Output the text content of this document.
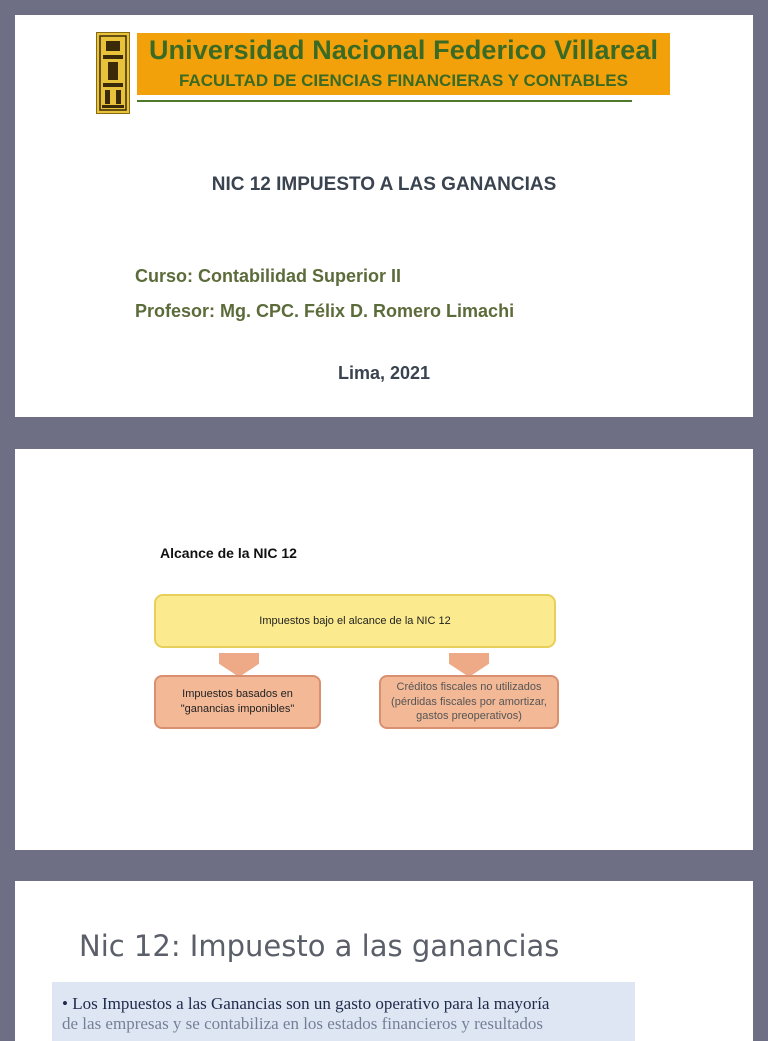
Universidad Nacional Federico Villareal
FACULTAD DE CIENCIAS FINANCIERAS Y CONTABLES
NIC 12 IMPUESTO A LAS GANANCIAS
Curso: Contabilidad Superior II
Profesor: Mg. CPC. Félix D. Romero Limachi
Lima, 2021
Alcance de la NIC 12
Impuestos bajo el alcance de la NIC 12
Impuestos basados en
"ganancias imponibles"
Créditos fiscales no utilizados
(pérdidas fiscales por amortizar,
gastos preoperativos)
Nic 12: Impuesto a las ganancias
• Los Impuestos a las Ganancias son un gasto operativo para la mayoría
de las empresas y se contabiliza en los estados financieros y resultados
